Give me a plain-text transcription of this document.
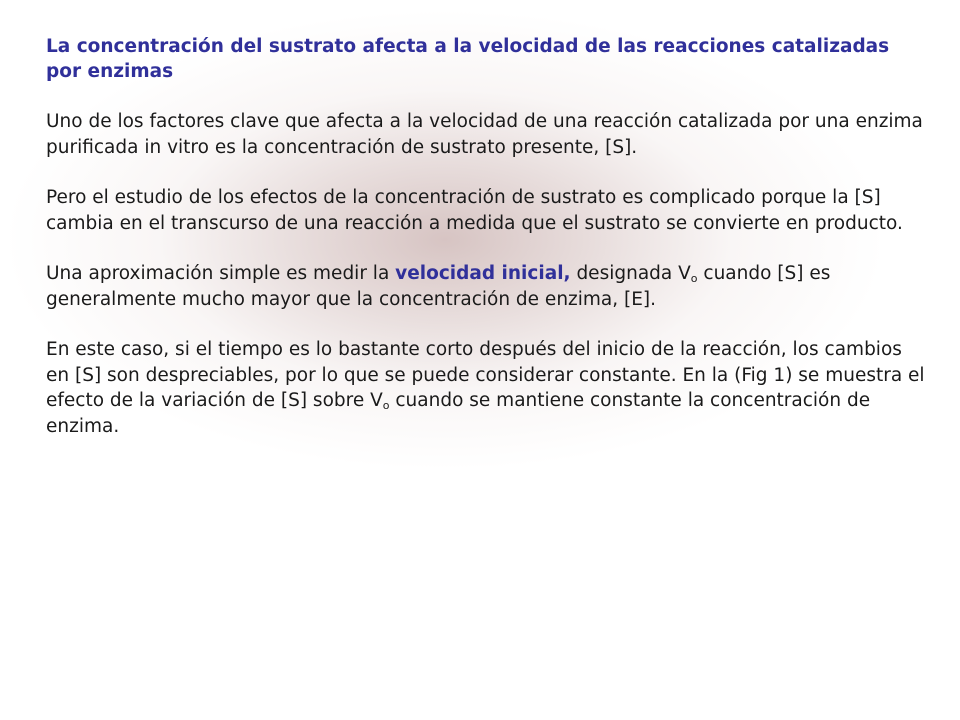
La concentración del sustrato afecta a la velocidad de las reacciones catalizadas por enzimas

Uno de los factores clave que afecta a la velocidad de una reacción catalizada por una enzima purificada in vitro es la concentración de sustrato presente, [S].

Pero el estudio de los efectos de la concentración de sustrato es complicado porque la [S] cambia en el transcurso de una reacción a medida que el sustrato se convierte en producto.

Una aproximación simple es medir la velocidad inicial, designada $V_o$ cuando [S] es generalmente mucho mayor que la concentración de enzima, [E].

En este caso, si el tiempo es lo bastante corto después del inicio de la reacción, los cambios en [S] son despreciables, por lo que se puede considerar constante. En la (Fig 1) se muestra el efecto de la variación de [S] sobre $V_o$ cuando se mantiene constante la concentración de enzima.
